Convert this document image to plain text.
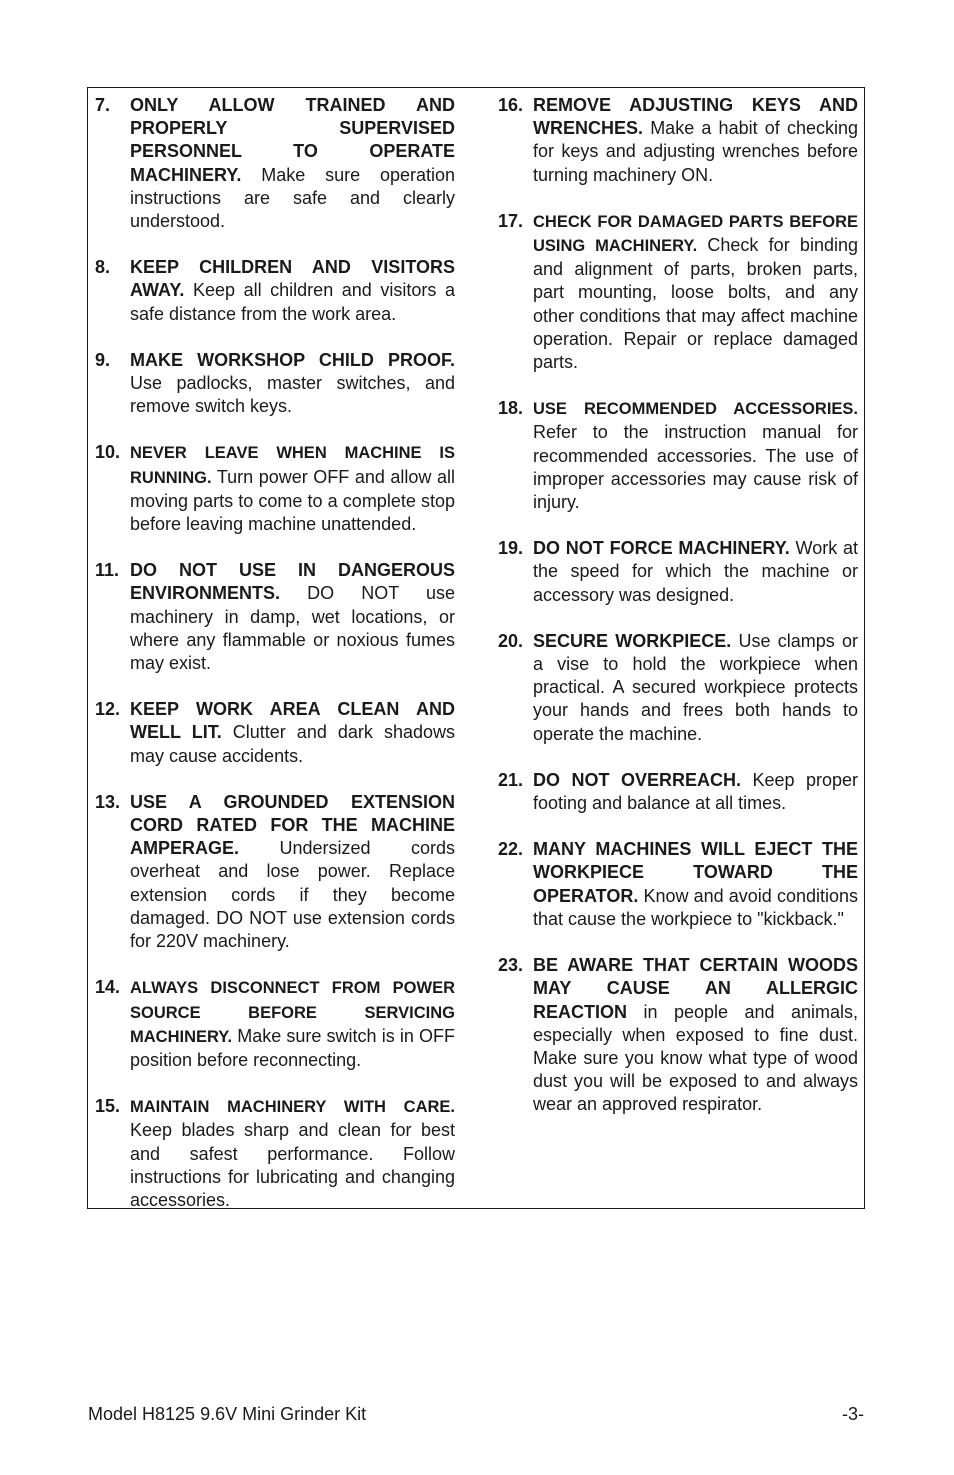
7. ONLY ALLOW TRAINED AND PROPERLY SUPERVISED PERSONNEL TO OPERATE MACHINERY. Make sure operation instructions are safe and clearly understood.
8. KEEP CHILDREN AND VISITORS AWAY. Keep all children and visitors a safe distance from the work area.
9. MAKE WORKSHOP CHILD PROOF. Use padlocks, master switches, and remove switch keys.
10. NEVER LEAVE WHEN MACHINE IS RUNNING. Turn power OFF and allow all moving parts to come to a complete stop before leaving machine unattended.
11. DO NOT USE IN DANGEROUS ENVIRONMENTS. DO NOT use machinery in damp, wet locations, or where any flammable or noxious fumes may exist.
12. KEEP WORK AREA CLEAN AND WELL LIT. Clutter and dark shadows may cause accidents.
13. USE A GROUNDED EXTENSION CORD RATED FOR THE MACHINE AMPERAGE. Undersized cords overheat and lose power. Replace extension cords if they become damaged. DO NOT use extension cords for 220V machinery.
14. ALWAYS DISCONNECT FROM POWER SOURCE BEFORE SERVICING MACHINERY. Make sure switch is in OFF position before reconnecting.
15. MAINTAIN MACHINERY WITH CARE. Keep blades sharp and clean for best and safest performance. Follow instructions for lubricating and changing accessories.
16. REMOVE ADJUSTING KEYS AND WRENCHES. Make a habit of checking for keys and adjusting wrenches before turning machinery ON.
17. CHECK FOR DAMAGED PARTS BEFORE USING MACHINERY. Check for binding and alignment of parts, broken parts, part mounting, loose bolts, and any other conditions that may affect machine operation. Repair or replace damaged parts.
18. USE RECOMMENDED ACCESSORIES. Refer to the instruction manual for recommended accessories. The use of improper accessories may cause risk of injury.
19. DO NOT FORCE MACHINERY. Work at the speed for which the machine or accessory was designed.
20. SECURE WORKPIECE. Use clamps or a vise to hold the workpiece when practical. A secured workpiece protects your hands and frees both hands to operate the machine.
21. DO NOT OVERREACH. Keep proper footing and balance at all times.
22. MANY MACHINES WILL EJECT THE WORKPIECE TOWARD THE OPERATOR. Know and avoid conditions that cause the workpiece to "kickback."
23. BE AWARE THAT CERTAIN WOODS MAY CAUSE AN ALLERGIC REACTION in people and animals, especially when exposed to fine dust. Make sure you know what type of wood dust you will be exposed to and always wear an approved respirator.
Model H8125 9.6V Mini Grinder Kit	-3-
